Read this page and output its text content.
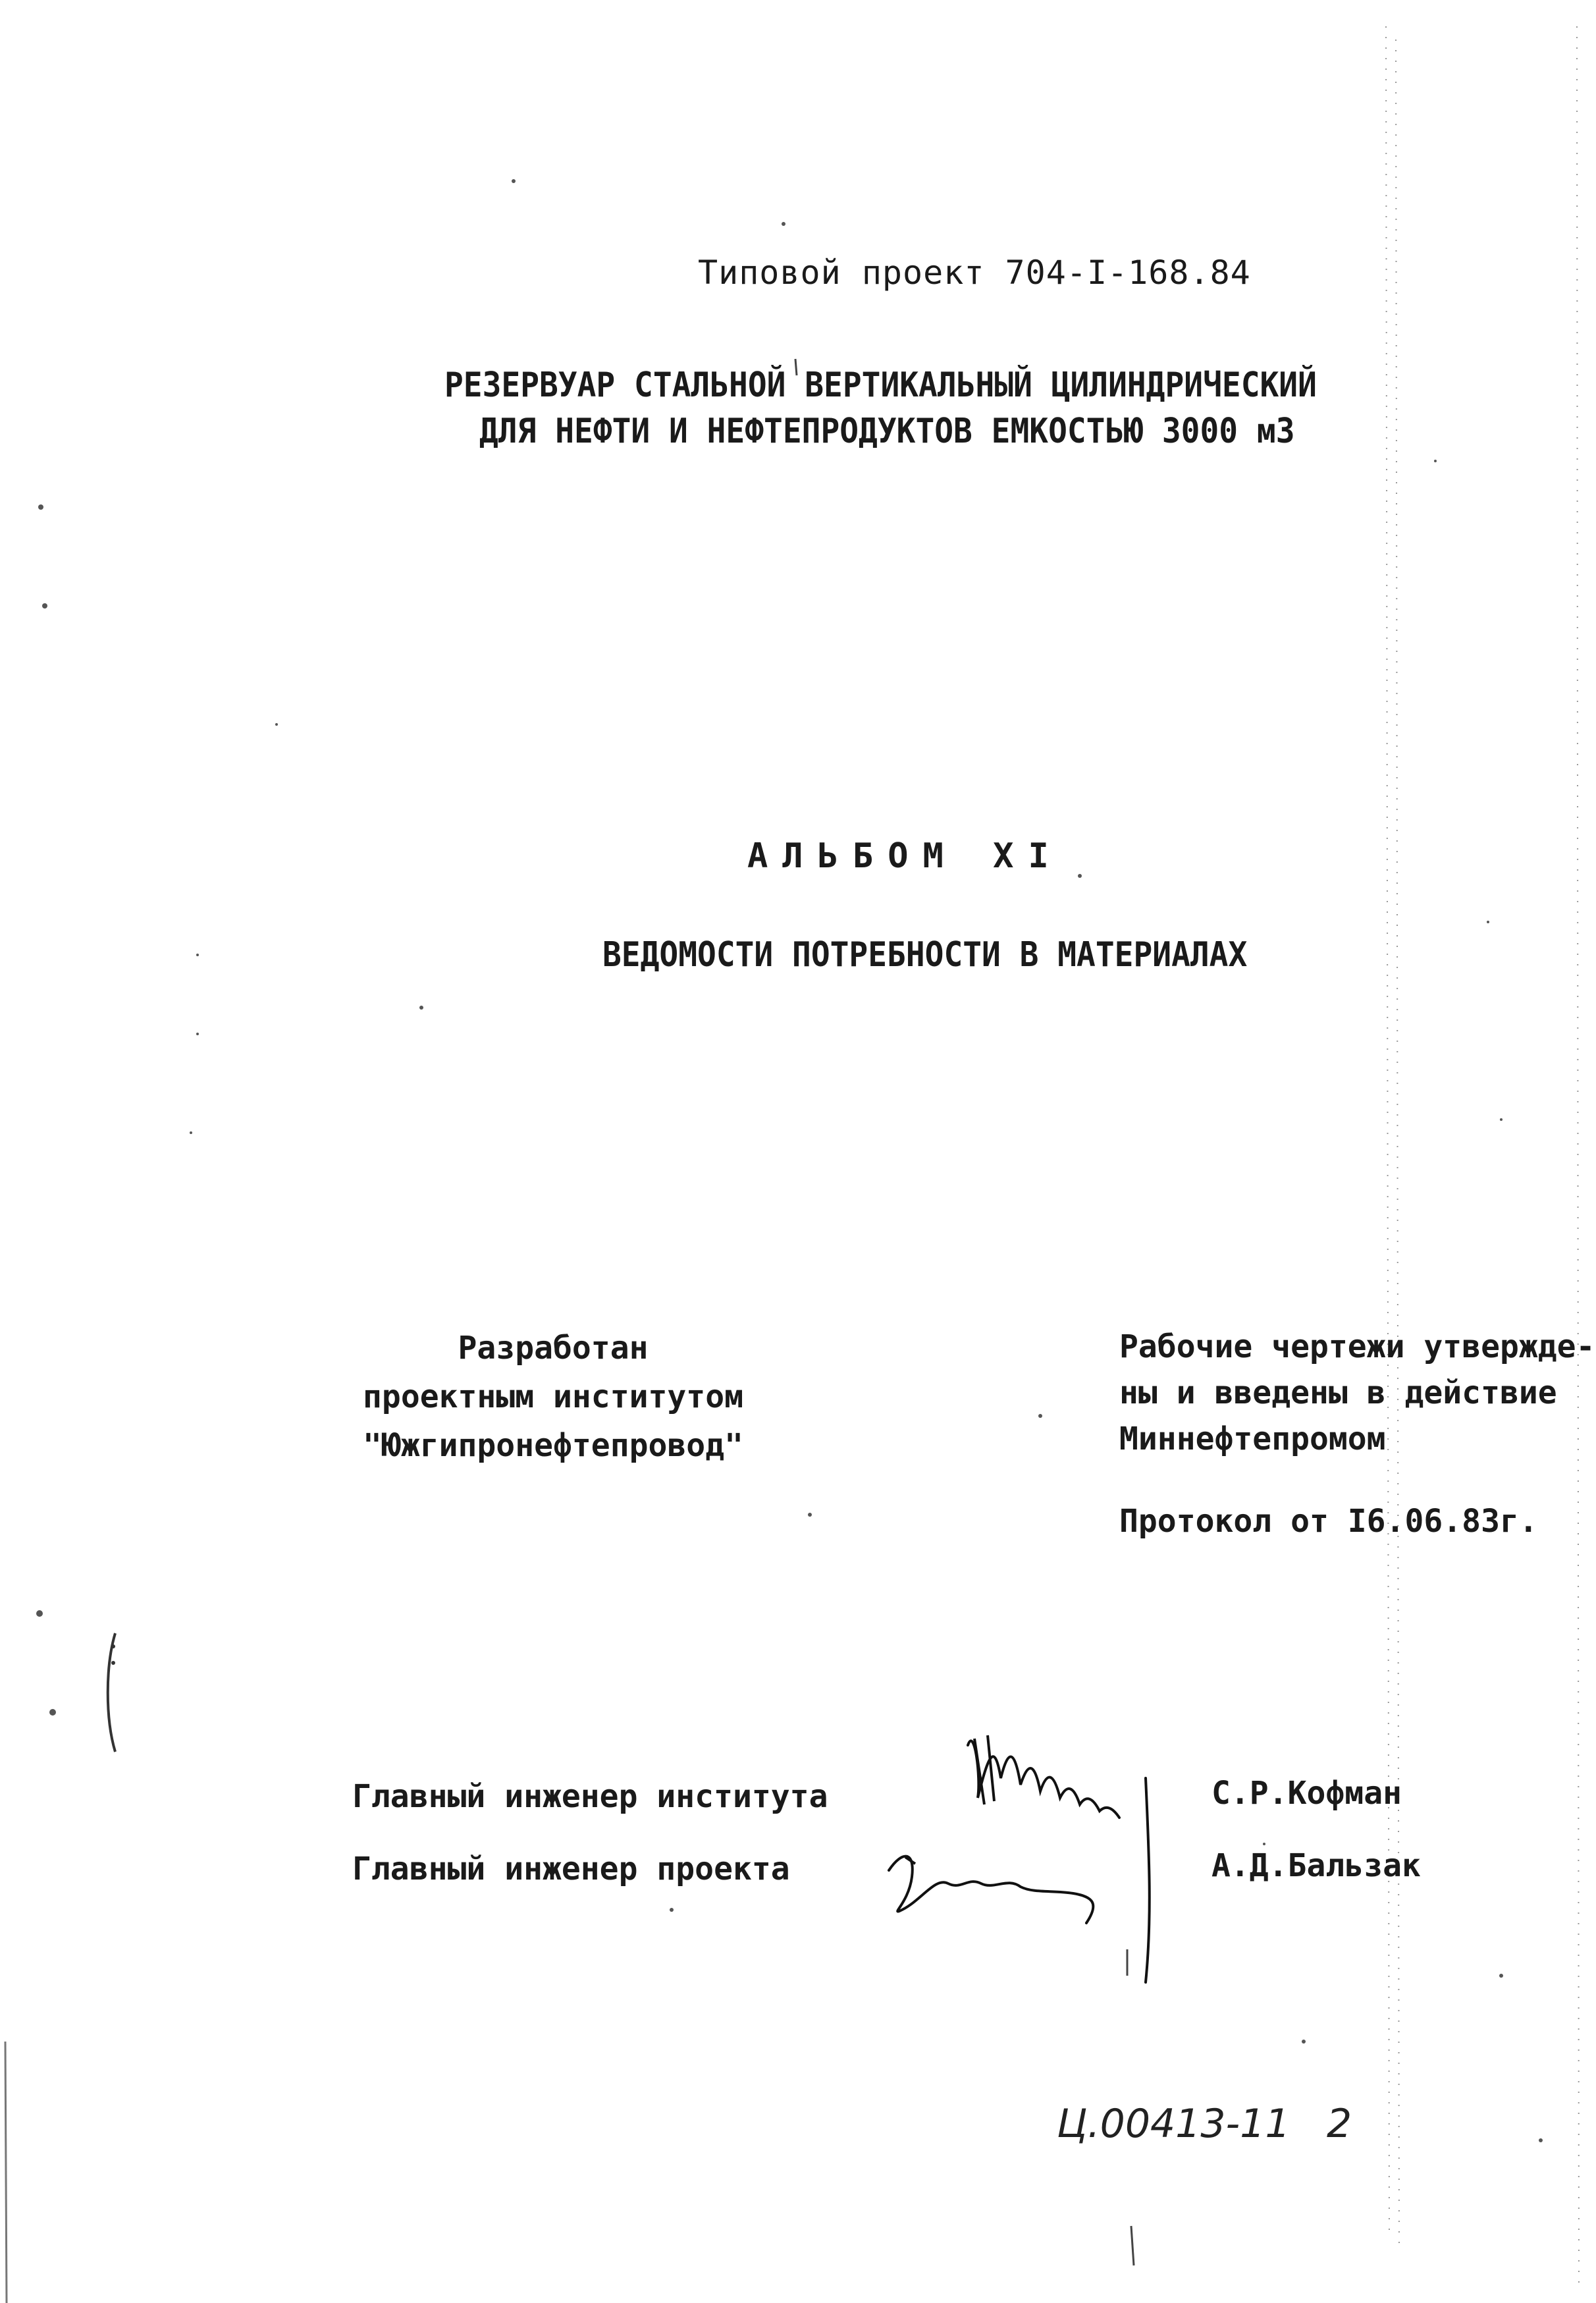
Типовой проект 704-I-168.84
РЕЗЕРВУАР СТАЛЬНОЙ ВЕРТИКАЛЬНЫЙ ЦИЛИНДРИЧЕСКИЙ
ДЛЯ НЕФТИ И НЕФТЕПРОДУКТОВ ЕМКОСТЬЮ 3000 м3
АЛЬБОМ XI
ВЕДОМОСТИ ПОТРЕБНОСТИ В МАТЕРИАЛАХ
Разработан
проектным институтом
"Южгипронефтепровод"
Рабочие чертежи утвержде-
ны и введены в действие
Миннефтепромом
Протокол от I6.06.83г.
Главный инженер института
Главный инженер проекта
С.Р.Кофман
А.Д.Бальзак
Ц.00413-11 2
